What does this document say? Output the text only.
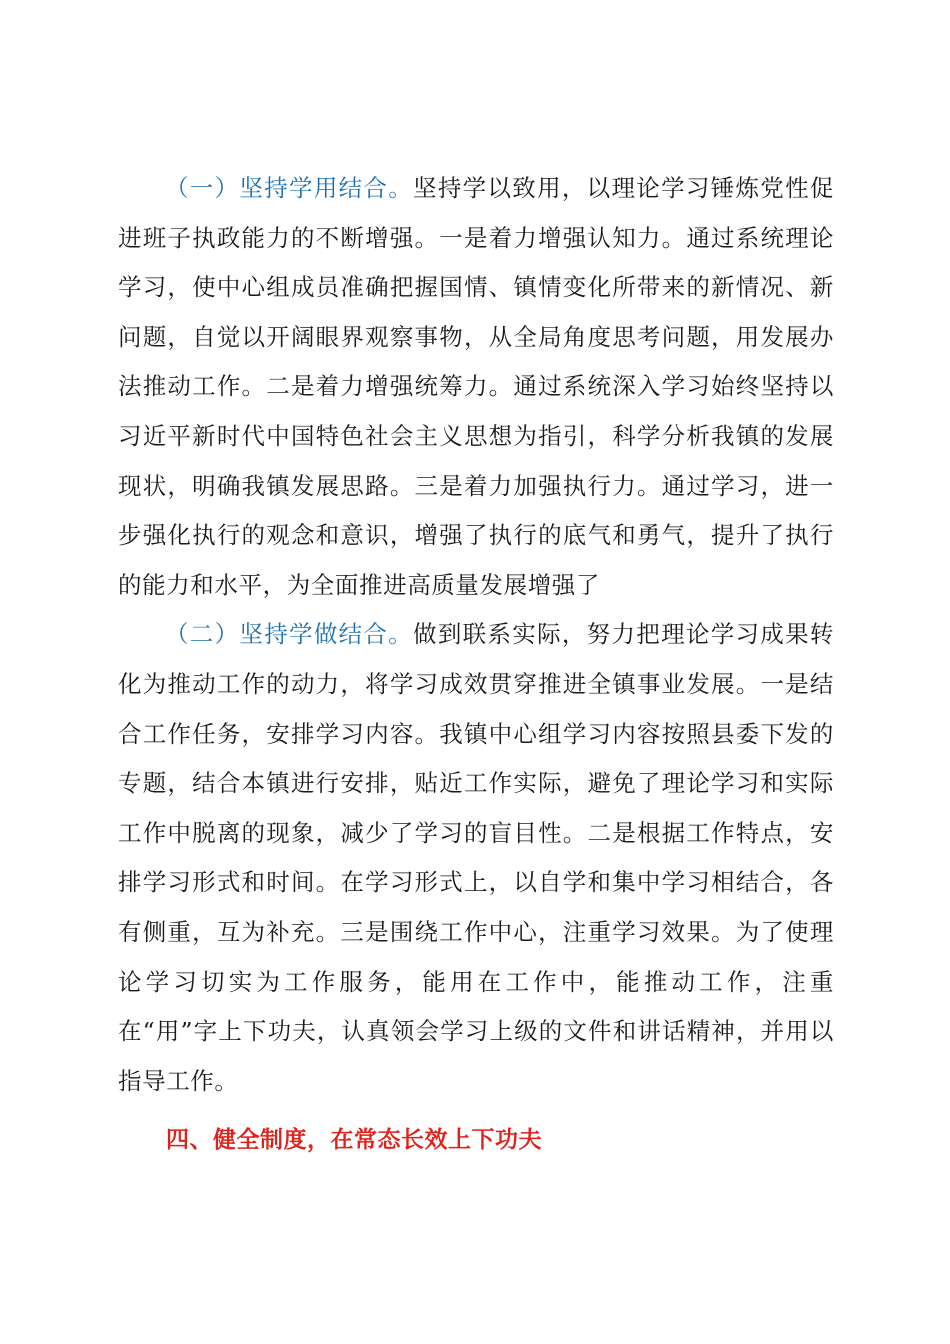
（一）坚持学用结合。坚持学以致用，以理论学习锤炼党性促进班子执政能力的不断增强。一是着力增强认知力。通过系统理论学习，使中心组成员准确把握国情、镇情变化所带来的新情况、新问题，自觉以开阔眼界观察事物，从全局角度思考问题，用发展办法推动工作。二是着力增强统筹力。通过系统深入学习始终坚持以习近平新时代中国特色社会主义思想为指引，科学分析我镇的发展现状，明确我镇发展思路。三是着力加强执行力。通过学习，进一步强化执行的观念和意识，增强了执行的底气和勇气，提升了执行的能力和水平，为全面推进高质量发展增强了

（二）坚持学做结合。做到联系实际，努力把理论学习成果转化为推动工作的动力，将学习成效贯穿推进全镇事业发展。一是结合工作任务，安排学习内容。我镇中心组学习内容按照县委下发的专题，结合本镇进行安排，贴近工作实际，避免了理论学习和实际工作中脱离的现象，减少了学习的盲目性。二是根据工作特点，安排学习形式和时间。在学习形式上，以自学和集中学习相结合，各有侧重，互为补充。三是围绕工作中心，注重学习效果。为了使理论学习切实为工作服务，能用在工作中，能推动工作，注重在“用”字上下功夫，认真领会学习上级的文件和讲话精神，并用以指导工作。

四、健全制度，在常态长效上下功夫
